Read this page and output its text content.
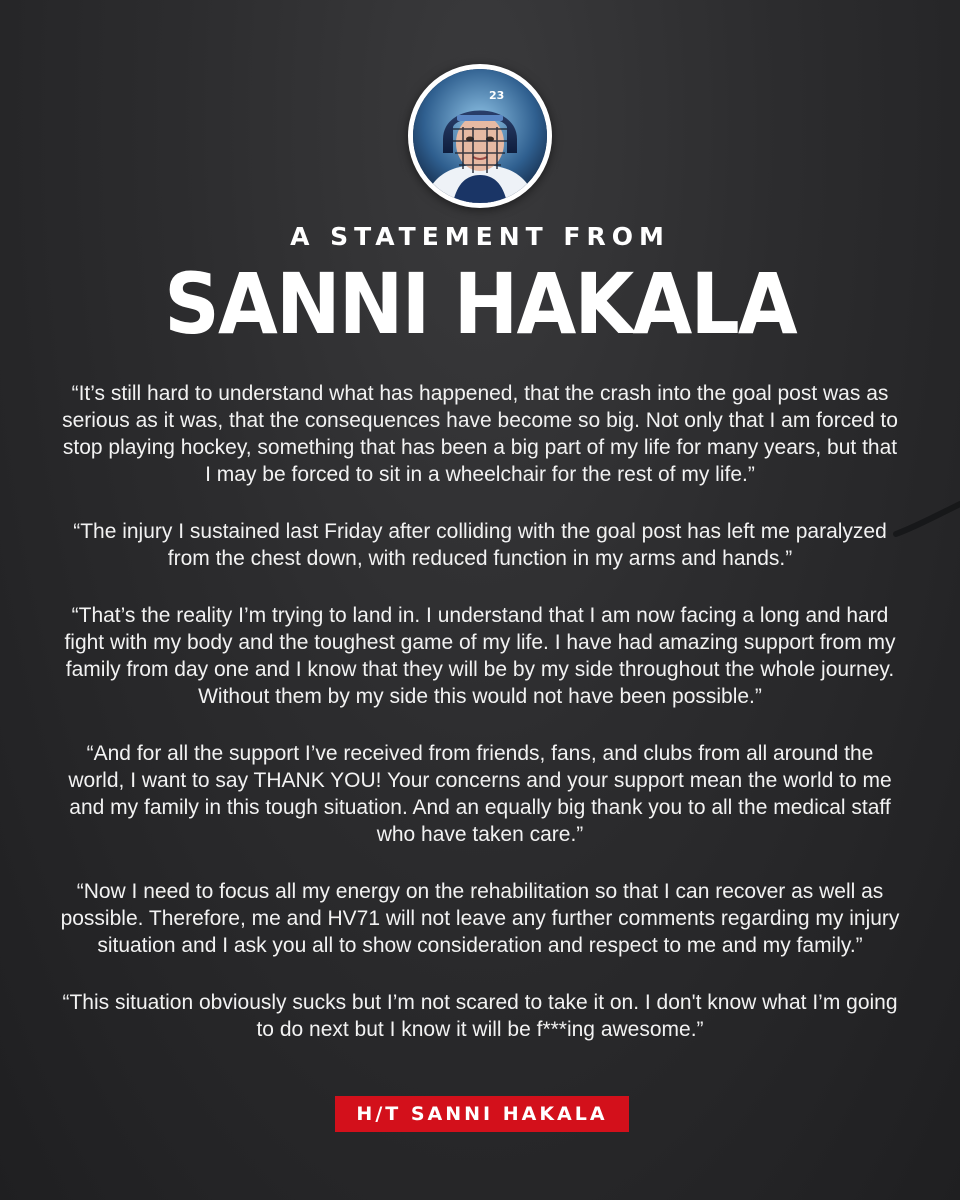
23
A STATEMENT FROM
SANNI HAKALA

“It’s still hard to understand what has happened, that the crash into the goal post was as serious as it was, that the consequences have become so big. Not only that I am forced to stop playing hockey, something that has been a big part of my life for many years, but that I may be forced to sit in a wheelchair for the rest of my life.”

“The injury I sustained last Friday after colliding with the goal post has left me paralyzed from the chest down, with reduced function in my arms and hands.”

“That’s the reality I’m trying to land in. I understand that I am now facing a long and hard fight with my body and the toughest game of my life. I have had amazing support from my family from day one and I know that they will be by my side throughout the whole journey. Without them by my side this would not have been possible.”

“And for all the support I’ve received from friends, fans, and clubs from all around the world, I want to say THANK YOU! Your concerns and your support mean the world to me and my family in this tough situation. And an equally big thank you to all the medical staff who have taken care.”

“Now I need to focus all my energy on the rehabilitation so that I can recover as well as possible. Therefore, me and HV71 will not leave any further comments regarding my injury situation and I ask you all to show consideration and respect to me and my family.”

“This situation obviously sucks but I’m not scared to take it on. I don't know what I’m going to do next but I know it will be f***ing awesome.”

H/T SANNI HAKALA
